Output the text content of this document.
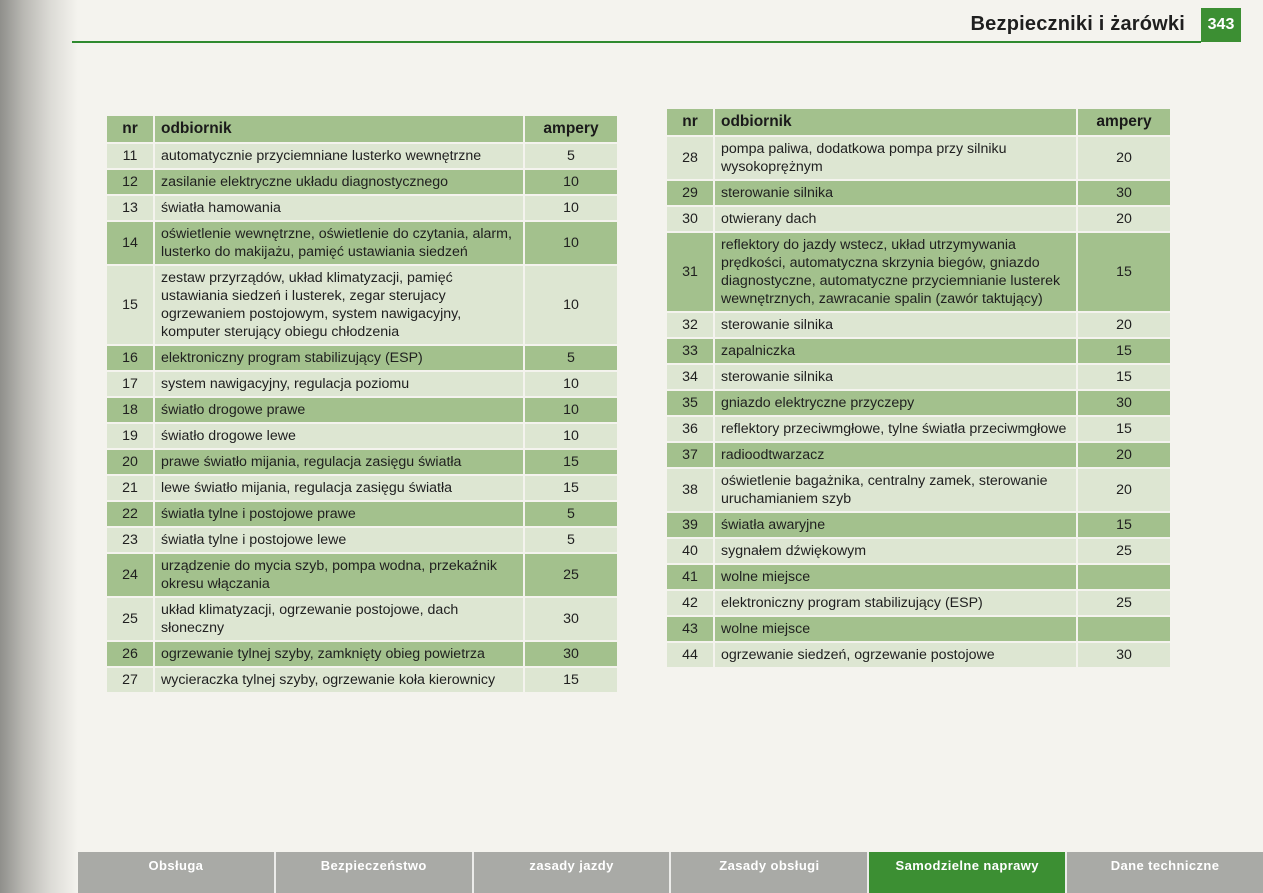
Bezpieczniki i żarówki	343
nr	odbiornik	ampery
11	automatycznie przyciemniane lusterko wewnętrzne	5
12	zasilanie elektryczne układu diagnostycznego	10
13	światła hamowania	10
14	oświetlenie wewnętrzne, oświetlenie do czytania, alarm, lusterko do makijażu, pamięć ustawiania siedzeń	10
15	zestaw przyrządów, układ klimatyzacji, pamięć ustawiania siedzeń i lusterek, zegar sterujacy ogrzewaniem postojowym, system nawigacyjny, komputer sterujący obiegu chłodzenia	10
16	elektroniczny program stabilizujący (ESP)	5
17	system nawigacyjny, regulacja poziomu	10
18	światło drogowe prawe	10
19	światło drogowe lewe	10
20	prawe światło mijania, regulacja zasięgu światła	15
21	lewe światło mijania, regulacja zasięgu światła	15
22	światła tylne i postojowe prawe	5
23	światła tylne i postojowe lewe	5
24	urządzenie do mycia szyb, pompa wodna, przekaźnik okresu włączania	25
25	układ klimatyzacji, ogrzewanie postojowe, dach słoneczny	30
26	ogrzewanie tylnej szyby, zamknięty obieg powietrza	30
27	wycieraczka tylnej szyby, ogrzewanie koła kierownicy	15
nr	odbiornik	ampery
28	pompa paliwa, dodatkowa pompa przy silniku wysokoprężnym	20
29	sterowanie silnika	30
30	otwierany dach	20
31	reflektory do jazdy wstecz, układ utrzymywania prędkości, automatyczna skrzynia biegów, gniazdo diagnostyczne, automatyczne przyciemnianie lusterek wewnętrznych, zawracanie spalin (zawór taktujący)	15
32	sterowanie silnika	20
33	zapalniczka	15
34	sterowanie silnika	15
35	gniazdo elektryczne przyczepy	30
36	reflektory przeciwmgłowe, tylne światła przeciwmgłowe	15
37	radioodtwarzacz	20
38	oświetlenie bagażnika, centralny zamek, sterowanie uruchamianiem szyb	20
39	światła awaryjne	15
40	sygnałem dźwiękowym	25
41	wolne miejsce	
42	elektroniczny program stabilizujący (ESP)	25
43	wolne miejsce	
44	ogrzewanie siedzeń, ogrzewanie postojowe	30
Obsługa	Bezpieczeństwo	zasady jazdy	Zasady obsługi	Samodzielne naprawy	Dane techniczne
